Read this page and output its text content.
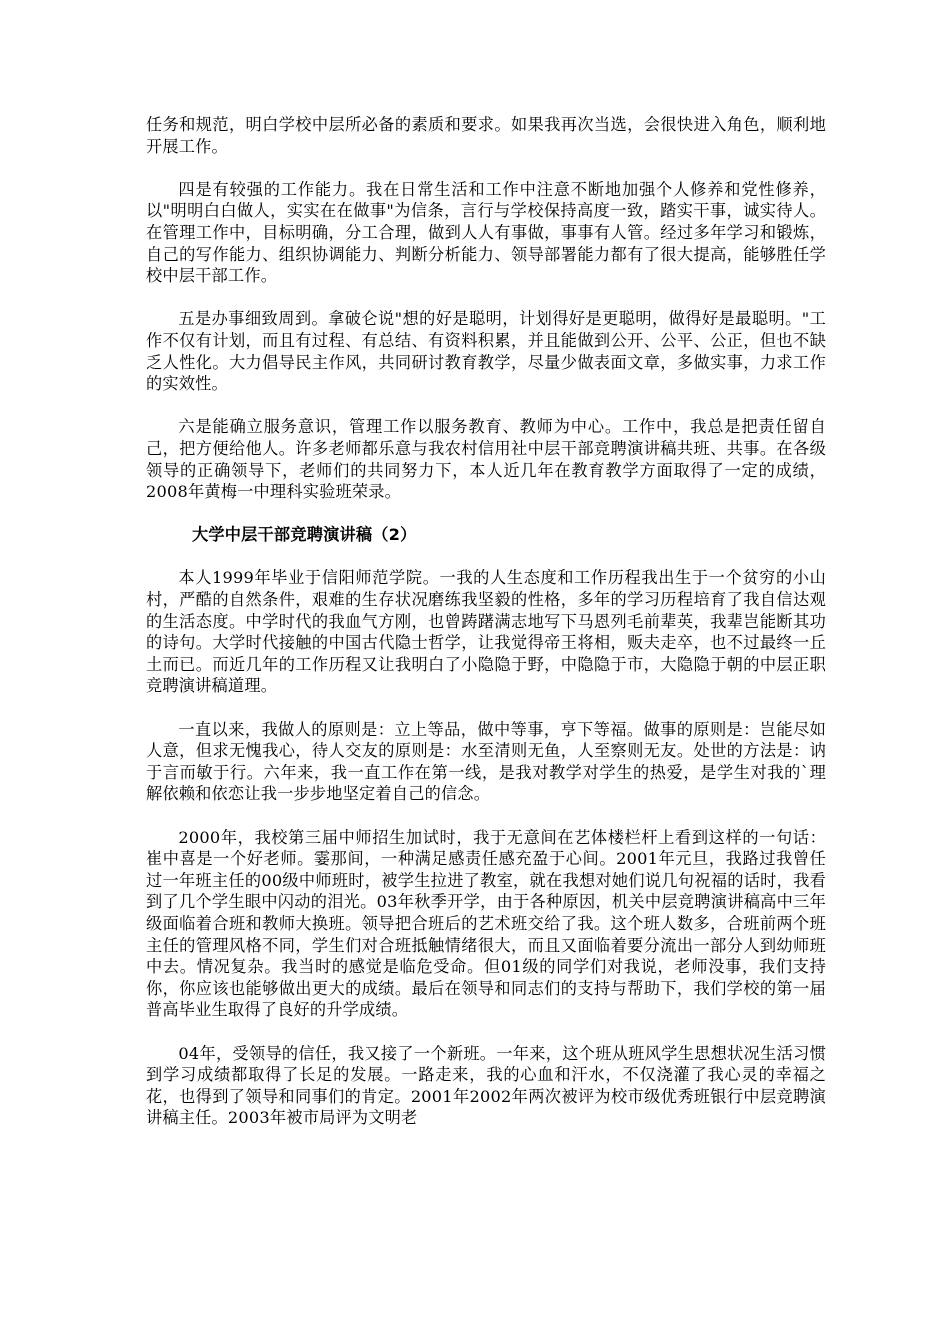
任务和规范，明白学校中层所必备的素质和要求。如果我再次当选，会很快进入角色，顺利地开展工作。

四是有较强的工作能力。我在日常生活和工作中注意不断地加强个人修养和党性修养，以"明明白白做人，实实在在做事"为信条，言行与学校保持高度一致，踏实干事，诚实待人。在管理工作中，目标明确，分工合理，做到人人有事做，事事有人管。经过多年学习和锻炼，自己的写作能力、组织协调能力、判断分析能力、领导部署能力都有了很大提高，能够胜任学校中层干部工作。

五是办事细致周到。拿破仑说"想的好是聪明，计划得好是更聪明，做得好是最聪明。"工作不仅有计划，而且有过程、有总结、有资料积累，并且能做到公开、公平、公正，但也不缺乏人性化。大力倡导民主作风，共同研讨教育教学，尽量少做表面文章，多做实事，力求工作的实效性。

六是能确立服务意识，管理工作以服务教育、教师为中心。工作中，我总是把责任留自己，把方便给他人。许多老师都乐意与我农村信用社中层干部竞聘演讲稿共班、共事。在各级领导的正确领导下，老师们的共同努力下，本人近几年在教育教学方面取得了一定的成绩，2008年黄梅一中理科实验班荣录。

大学中层干部竞聘演讲稿（2）

本人1999年毕业于信阳师范学院。一我的人生态度和工作历程我出生于一个贫穷的小山村，严酷的自然条件，艰难的生存状况磨练我坚毅的性格，多年的学习历程培育了我自信达观的生活态度。中学时代的我血气方刚，也曾踌躇满志地写下马恩列毛前辈英，我辈岂能断其功的诗句。大学时代接触的中国古代隐士哲学，让我觉得帝王将相，贩夫走卒，也不过最终一丘土而已。而近几年的工作历程又让我明白了小隐隐于野，中隐隐于市，大隐隐于朝的中层正职竞聘演讲稿道理。

一直以来，我做人的原则是：立上等品，做中等事，亨下等福。做事的原则是：岂能尽如人意，但求无愧我心，待人交友的原则是：水至清则无鱼，人至察则无友。处世的方法是：讷于言而敏于行。六年来，我一直工作在第一线，是我对教学对学生的热爱，是学生对我的`理解依赖和依恋让我一步步地坚定着自己的信念。

2000年，我校第三届中师招生加试时，我于无意间在艺体楼栏杆上看到这样的一句话：崔中喜是一个好老师。霎那间，一种满足感责任感充盈于心间。2001年元旦，我路过我曾任过一年班主任的00级中师班时，被学生拉进了教室，就在我想对她们说几句祝福的话时，我看到了几个学生眼中闪动的泪光。03年秋季开学，由于各种原因，机关中层竞聘演讲稿高中三年级面临着合班和教师大换班。领导把合班后的艺术班交给了我。这个班人数多，合班前两个班主任的管理风格不同，学生们对合班抵触情绪很大，而且又面临着要分流出一部分人到幼师班中去。情况复杂。我当时的感觉是临危受命。但01级的同学们对我说，老师没事，我们支持你，你应该也能够做出更大的成绩。最后在领导和同志们的支持与帮助下，我们学校的第一届普高毕业生取得了良好的升学成绩。

04年，受领导的信任，我又接了一个新班。一年来，这个班从班风学生思想状况生活习惯到学习成绩都取得了长足的发展。一路走来，我的心血和汗水，不仅浇灌了我心灵的幸福之花，也得到了领导和同事们的肯定。2001年2002年两次被评为校市级优秀班银行中层竞聘演讲稿主任。2003年被市局评为文明老
